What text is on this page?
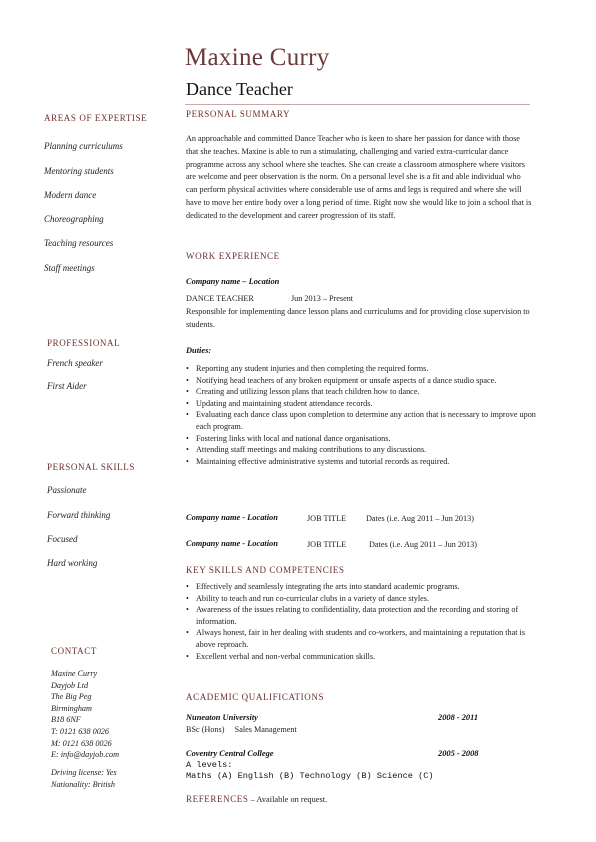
Maxine Curry
Dance Teacher
AREAS OF EXPERTISE
Planning curriculums
Mentoring students
Modern dance
Choreographing
Teaching resources
Staff meetings
PROFESSIONAL
French speaker
First Aider
PERSONAL SKILLS
Passionate
Forward thinking
Focused
Hard working
CONTACT
Maxine Curry
Dayjob Ltd
The Big Peg
Birmingham
B18 6NF
T: 0121 638 0026
M: 0121 638 0026
E: info@dayjob.com
Driving license: Yes
Nationality: British
PERSONAL SUMMARY
An approachable and committed Dance Teacher who is keen to share her passion for dance with those that she teaches. Maxine is able to run a stimulating, challenging and varied extra-curricular dance programme across any school where she teaches. She can create a classroom atmosphere where visitors are welcome and peer observation is the norm. On a personal level she is a fit and able individual who can perform physical activities where considerable use of arms and legs is required and where she will have to move her entire body over a long period of time. Right now she would like to join a school that is dedicated to the development and career progression of its staff.
WORK EXPERIENCE
Company name – Location
DANCE TEACHER	Jun 2013 – Present
Responsible for implementing dance lesson plans and curriculums and for providing close supervision to students.
Duties:
• Reporting any student injuries and then completing the required forms.
• Notifying head teachers of any broken equipment or unsafe aspects of a dance studio space.
• Creating and utilizing lesson plans that teach children how to dance.
• Updating and maintaining student attendance records.
• Evaluating each dance class upon completion to determine any action that is necessary to improve upon each program.
• Fostering links with local and national dance organisations.
• Attending staff meetings and making contributions to any discussions.
• Maintaining effective administrative systems and tutorial records as required.
Company name - Location	JOB TITLE Dates (i.e. Aug 2011 – Jun 2013)
Company name - Location	JOB TITLE	Dates (i.e. Aug 2011 – Jun 2013)
KEY SKILLS AND COMPETENCIES
• Effectively and seamlessly integrating the arts into standard academic programs.
• Ability to teach and run co-curricular clubs in a variety of dance styles.
• Awareness of the issues relating to confidentiality, data protection and the recording and storing of information.
• Always honest, fair in her dealing with students and co-workers, and maintaining a reputation that is above reproach.
• Excellent verbal and non-verbal communication skills.
ACADEMIC QUALIFICATIONS
Nuneaton University	2008 - 2011
BSc (Hons)     Sales Management
Coventry Central College	2005 - 2008
A levels:
Maths (A) English (B) Technology (B) Science (C)
REFERENCES – Available on request.
